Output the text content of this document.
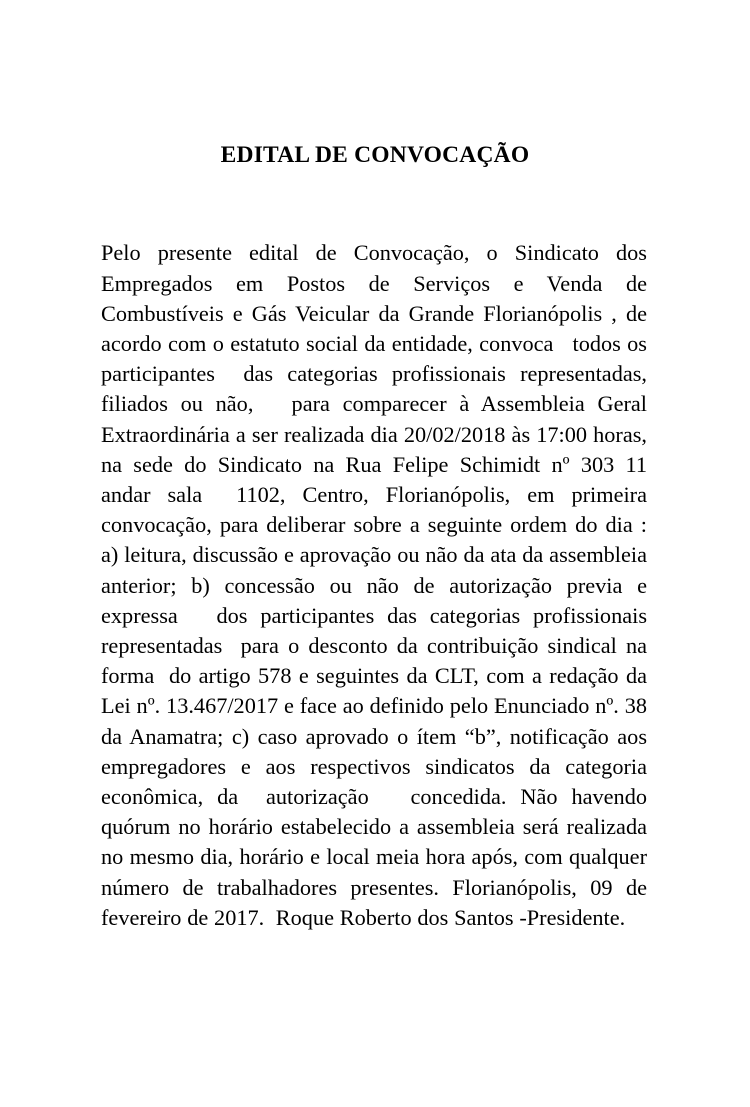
EDITAL DE CONVOCAÇÃO

Pelo presente edital de Convocação, o Sindicato dos Empregados em Postos de Serviços e Venda de Combustíveis e Gás Veicular da Grande Florianópolis , de acordo com o estatuto social da entidade, convoca   todos os participantes  das categorias profissionais representadas, filiados ou não,   para comparecer à Assembleia Geral Extraordinária a ser realizada dia 20/02/2018 às 17:00 horas, na sede do Sindicato na Rua Felipe Schimidt nº 303 11 andar sala  1102, Centro, Florianópolis, em primeira convocação, para deliberar sobre a seguinte ordem do dia : a) leitura, discussão e aprovação ou não da ata da assembleia anterior; b) concessão ou não de autorização previa e expressa   dos participantes das categorias profissionais  representadas  para o desconto da contribuição sindical na forma  do artigo 578 e seguintes da CLT, com a redação da Lei nº. 13.467/2017 e face ao definido pelo Enunciado nº. 38 da Anamatra; c) caso aprovado o ítem “b”, notificação aos empregadores e aos respectivos sindicatos da categoria econômica, da  autorização   concedida. Não havendo quórum no horário estabelecido a assembleia será realizada no mesmo dia, horário e local meia hora após, com qualquer número de trabalhadores presentes. Florianópolis, 09 de fevereiro de 2017.  Roque Roberto dos Santos -Presidente.
